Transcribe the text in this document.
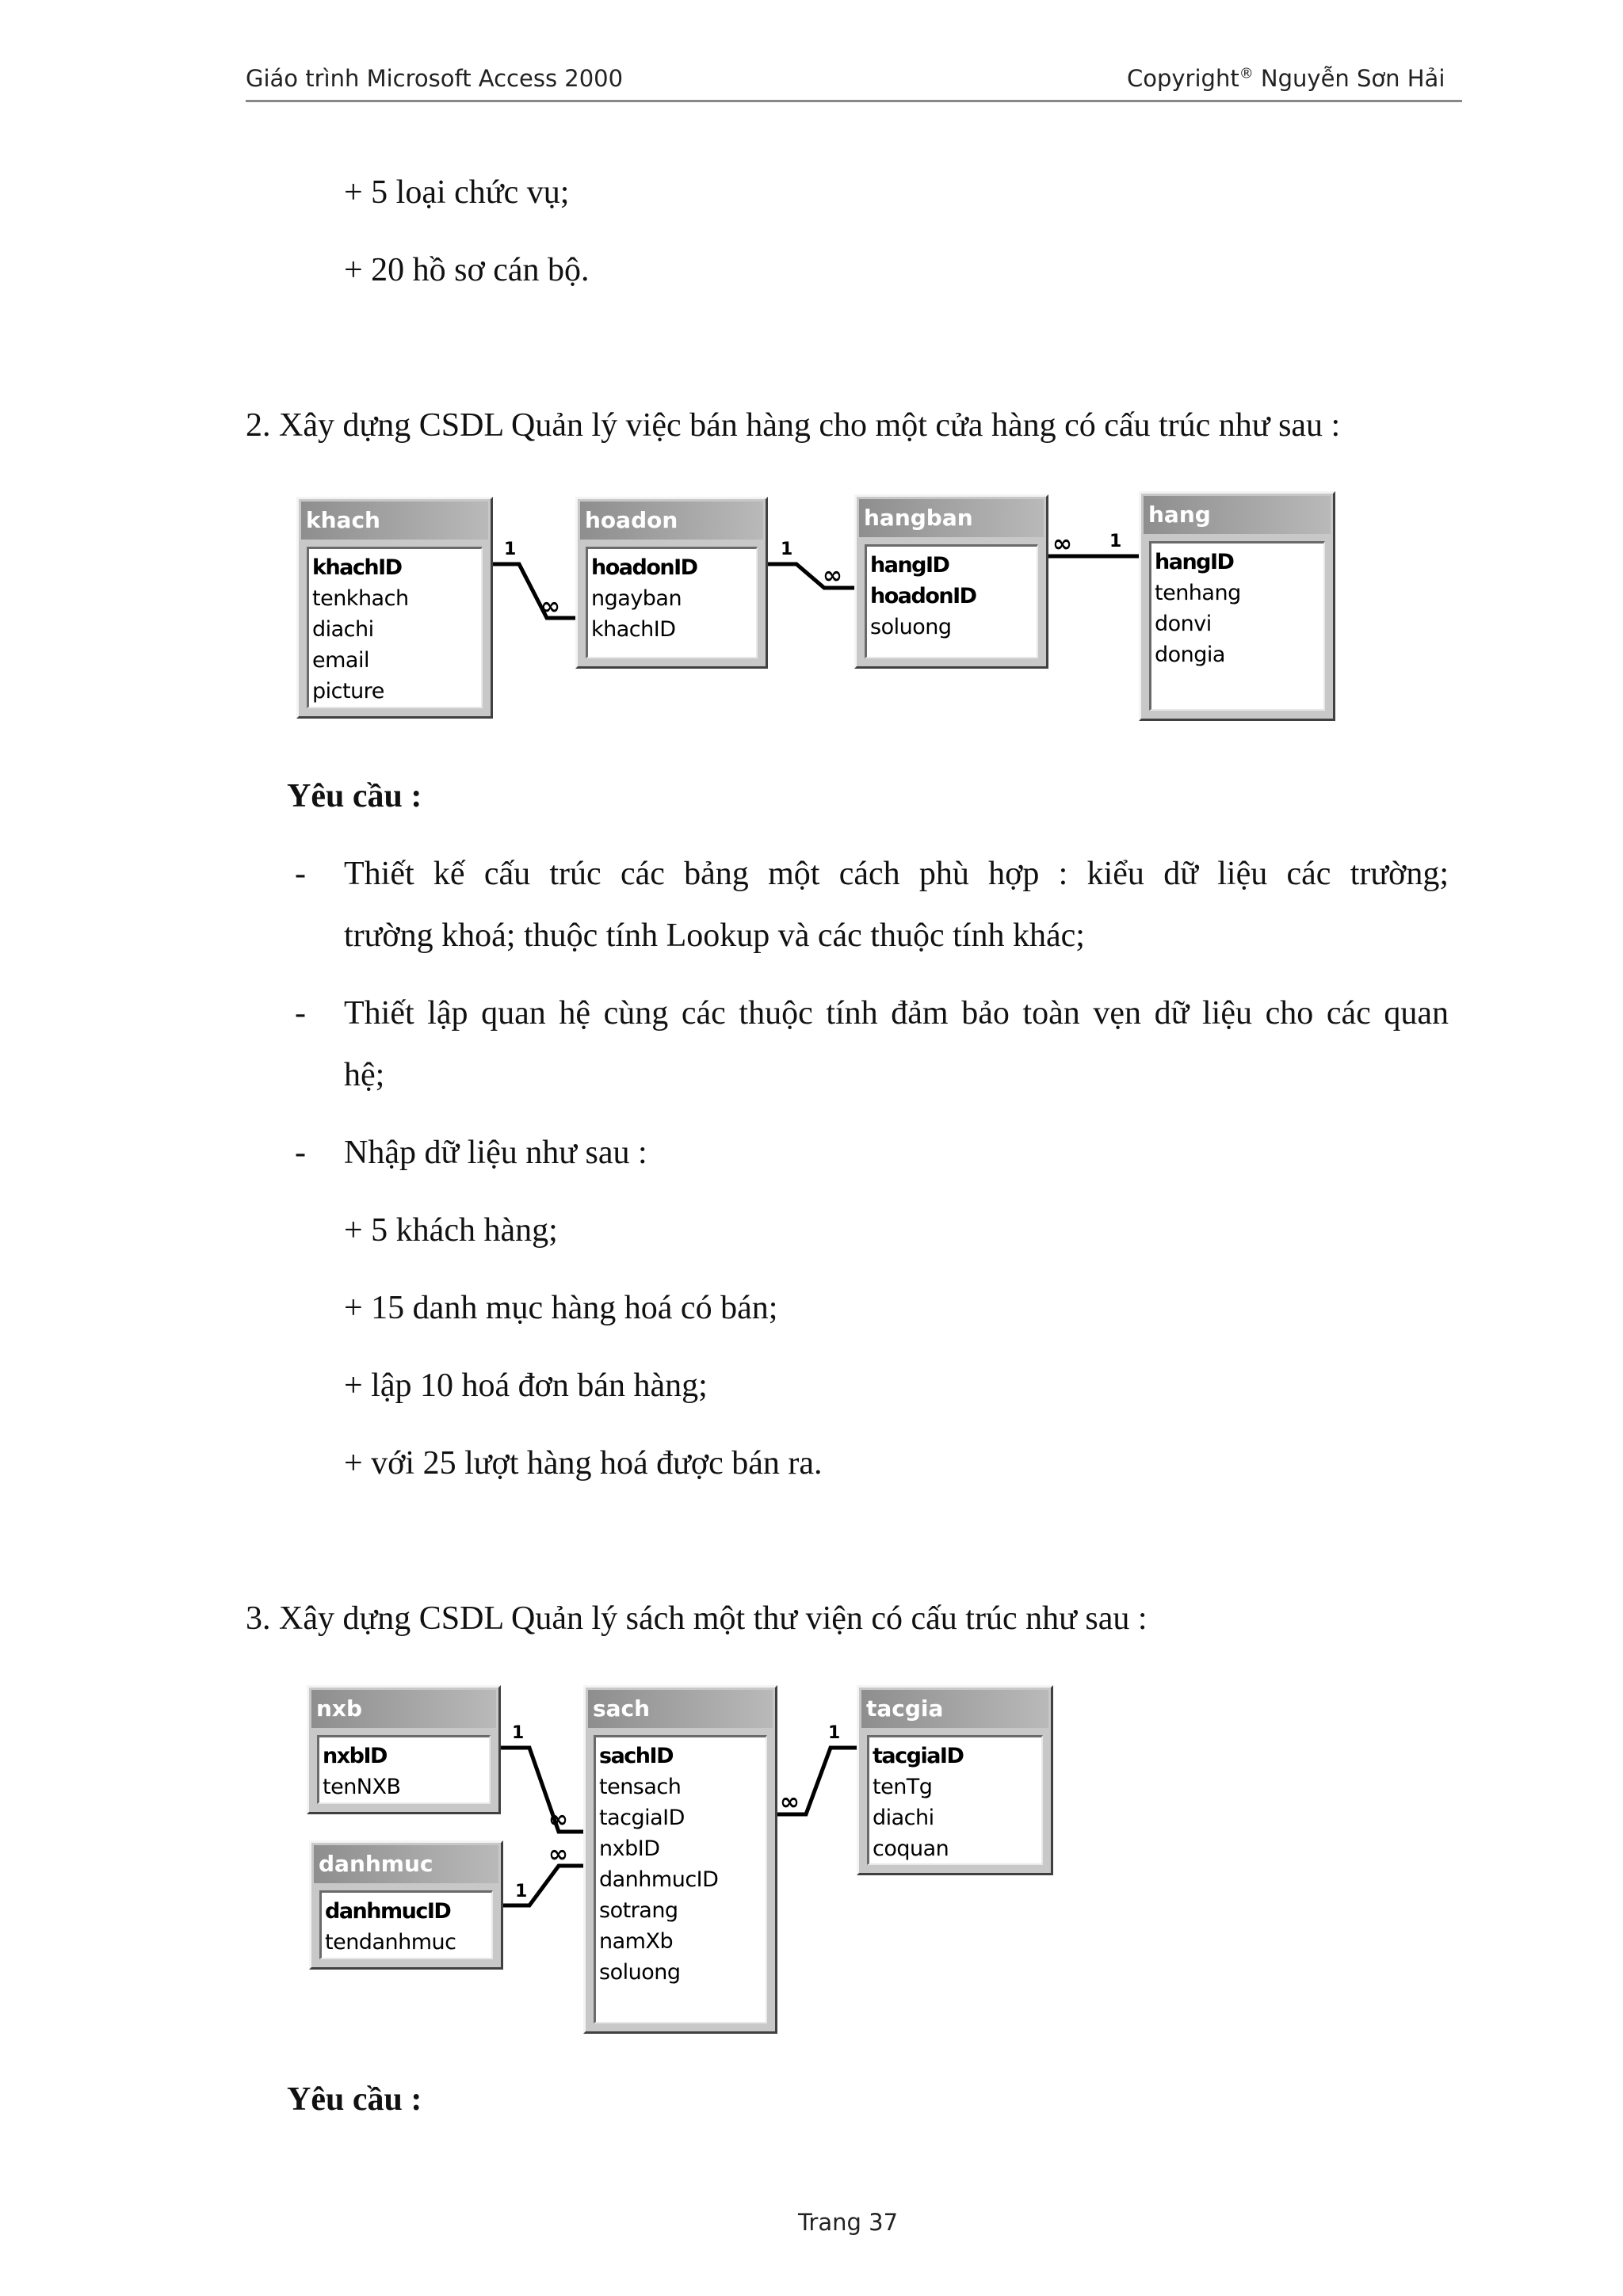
Giáo trình Microsoft Access 2000	Copyright® Nguyễn Sơn Hải
+ 5 loại chức vụ;
+ 20 hồ sơ cán bộ.
2. Xây dựng CSDL Quản lý việc bán hàng cho một cửa hàng có cấu trúc như sau :
khach
khachID
tenkhach
diachi
email
picture
hoadon
hoadonID
ngayban
khachID
hangban
hangID
hoadonID
soluong
hang
hangID
tenhang
donvi
dongia
1
∞
1
∞
∞ 1
Yêu cầu :
- Thiết kế cấu trúc các bảng một cách phù hợp : kiểu dữ liệu các trường;
trường khoá; thuộc tính Lookup và các thuộc tính khác;
- Thiết lập quan hệ cùng các thuộc tính đảm bảo toàn vẹn dữ liệu cho các quan
hệ;
- Nhập dữ liệu như sau :
+ 5 khách hàng;
+ 15 danh mục hàng hoá có bán;
+ lập 10 hoá đơn bán hàng;
+ với 25 lượt hàng hoá được bán ra.
3. Xây dựng CSDL Quản lý sách một thư viện có cấu trúc như sau :
nxb
nxbID
tenNXB
danhmuc
danhmucID
tendanhmuc
sach
sachID
tensach
tacgiaID
nxbID
danhmucID
sotrang
namXb
soluong
tacgia
tacgiaID
tenTg
diachi
coquan
1
∞
1
∞
∞
1
Yêu cầu :
Trang 37
